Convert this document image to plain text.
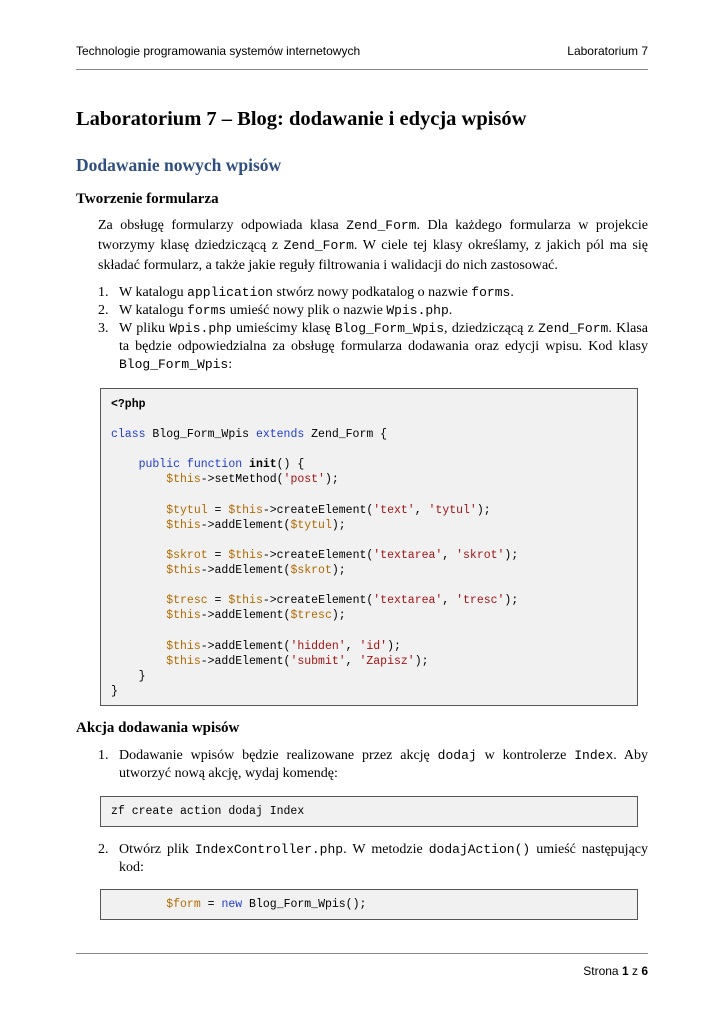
Technologie programowania systemów internetowych	Laboratorium 7
Laboratorium 7 – Blog: dodawanie i edycja wpisów
Dodawanie nowych wpisów
Tworzenie formularza

Za obsługę formularzy odpowiada klasa Zend_Form. Dla każdego formularza w projekcie tworzymy klasę dziedziczącą z Zend_Form. W ciele tej klasy określamy, z jakich pól ma się składać formularz, a także jakie reguły filtrowania i walidacji do nich zastosować.

1. W katalogu application stwórz nowy podkatalog o nazwie forms.
2. W katalogu forms umieść nowy plik o nazwie Wpis.php.
3. W pliku Wpis.php umieścimy klasę Blog_Form_Wpis, dziedziczącą z Zend_Form. Klasa ta będzie odpowiedzialna za obsługę formularza dodawania oraz edycji wpisu. Kod klasy Blog_Form_Wpis:
<?php
class Blog_Form_Wpis extends Zend_Form {
public function init() {
$this->setMethod('post');
$tytul = $this->createElement('text', 'tytul');
$this->addElement($tytul);
$skrot = $this->createElement('textarea', 'skrot');
$this->addElement($skrot);
$tresc = $this->createElement('textarea', 'tresc');
$this->addElement($tresc);
$this->addElement('hidden', 'id');
$this->addElement('submit', 'Zapisz');
}
}
Akcja dodawania wpisów
1. Dodawanie wpisów będzie realizowane przez akcję dodaj w kontrolerze Index. Aby utworzyć nową akcję, wydaj komendę:
zf create action dodaj Index
2. Otwórz plik IndexController.php. W metodzie dodajAction() umieść następujący kod:
$form = new Blog_Form_Wpis();
Strona 1 z 6
